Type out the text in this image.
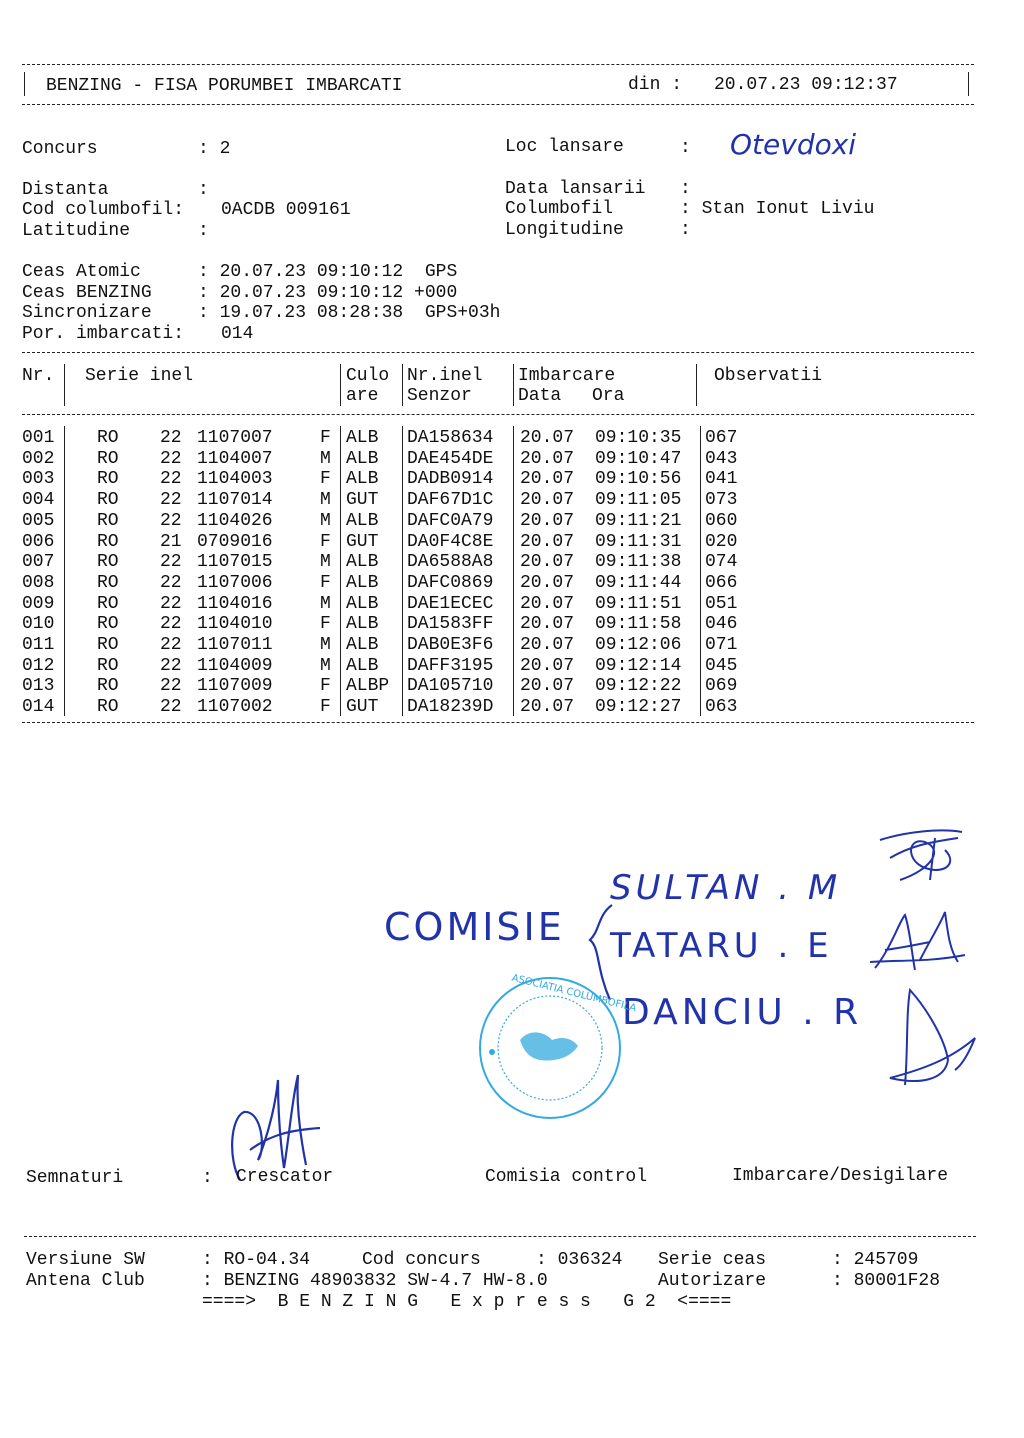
BENZING - FISA PORUMBEI IMBARCATI	din : 20.07.23 09:12:37
Concurs	: 2	Loc lansare	: Otevdoxi
Distanta	:	Data lansarii :
Cod columbofil: 0ACDB 009161	Columbofil	: Stan Ionut Liviu
Latitudine	:	Longitudine	:
Ceas Atomic	: 20.07.23 09:10:12  GPS
Ceas BENZING	: 20.07.23 09:10:12 +000
Sincronizare	: 19.07.23 08:28:38  GPS+03h
Por. imbarcati: 014
Nr. Serie inel	Culo
are
Nr.inel
Senzor
Imbarcare
Data Ora
Observatii
001 RO 22 1107007	F ALB DA158634 20.07 09:10:35 067
002 RO 22 1104007	M ALB DAE454DE 20.07 09:10:47 043
003 RO 22 1104003	F ALB DADB0914 20.07 09:10:56 041
004 RO 22 1107014	M GUT DAF67D1C 20.07 09:11:05 073
005 RO 22 1104026	M ALB DAFC0A79 20.07 09:11:21 060
006 RO 21 0709016	F GUT DA0F4C8E 20.07 09:11:31 020
007 RO 22 1107015	M ALB DA6588A8 20.07 09:11:38 074
008 RO 22 1107006	F ALB DAFC0869 20.07 09:11:44 066
009 RO 22 1104016	M ALB DAE1ECEC 20.07 09:11:51 051
010 RO 22 1104010	F ALB DA1583FF 20.07 09:11:58 046
011 RO 22 1107011	M ALB DAB0E3F6 20.07 09:12:06 071
012 RO 22 1104009	M ALB DAFF3195 20.07 09:12:14 045
013 RO 22 1107009	F ALBP DA105710 20.07 09:12:22 069
014 RO 22 1107002	F GUT DA18239D 20.07 09:12:27 063
COMISIE
SULTAN . M
TATARU . E
DANCIU . R
ASOCIATIA COLUMBOFILA
Semnaturi	: Crescator	Comisia control	Imbarcare/Desigilare
Versiune SW	: RO-04.34	Cod concurs	: 036324 Serie ceas	: 245709
Antena Club	: BENZING 48903832 SW-4.7 HW-8.0	Autorizare	: 80001F28
====>  B E N Z I N G   E x p r e s s   G 2  <====
